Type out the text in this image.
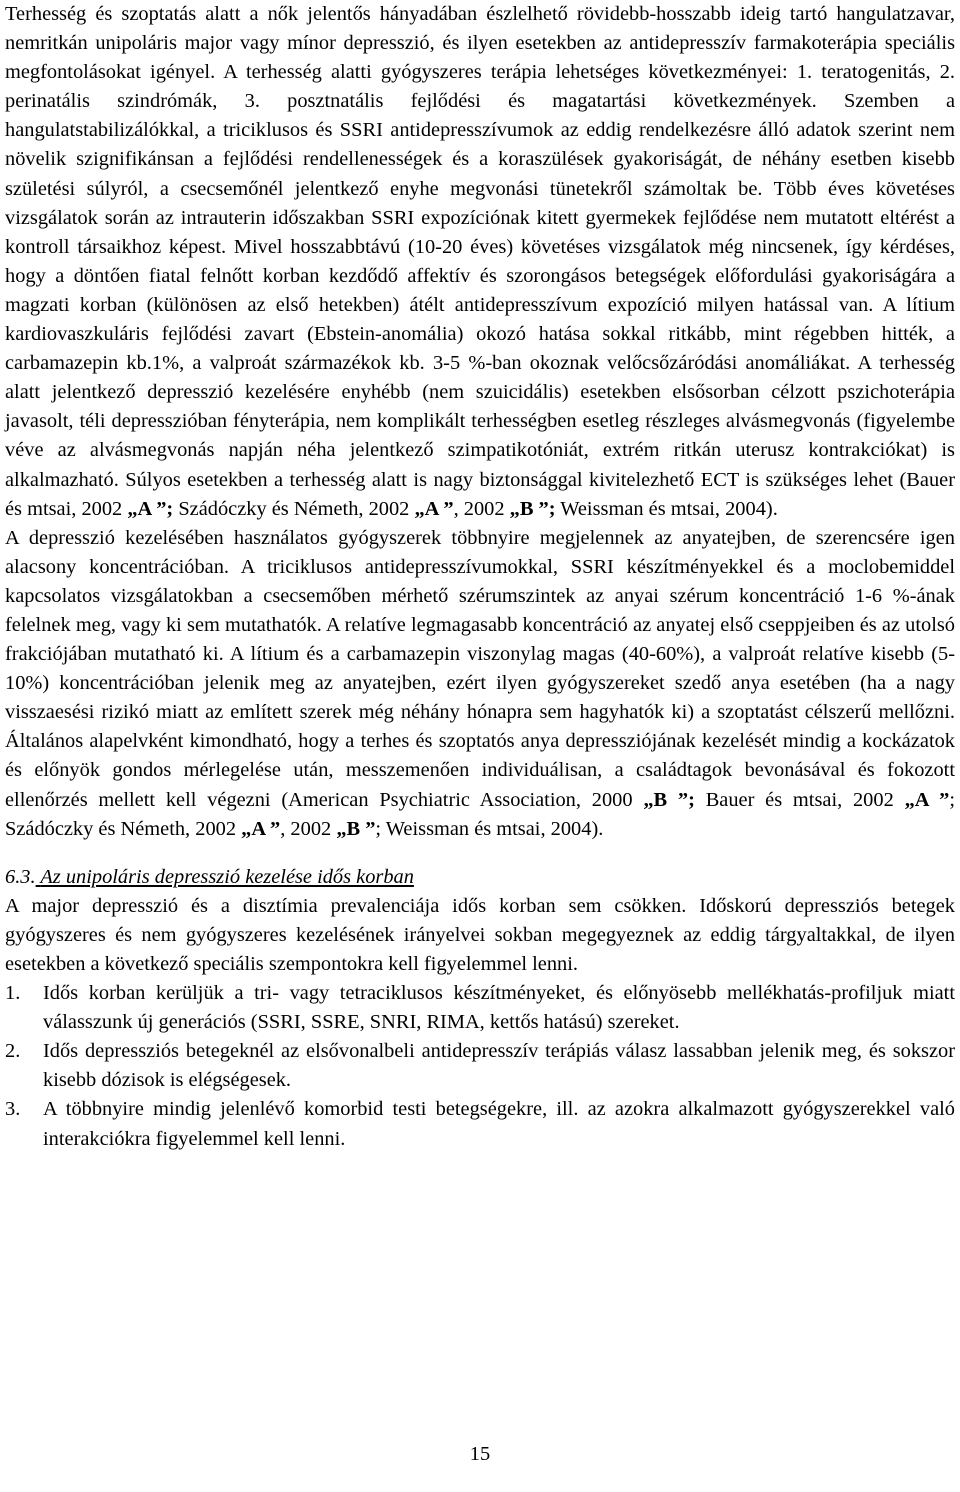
Terhesség és szoptatás alatt a nők jelentős hányadában észlelhető rövidebb-hosszabb ideig tartó hangulatzavar, nemritkán unipoláris major vagy mínor depresszió, és ilyen esetekben az antidepresszív farmakoterápia speciális megfontolásokat igényel. A terhesség alatti gyógyszeres terápia lehetséges következményei: 1. teratogenitás, 2. perinatális szindrómák, 3. posztnatális fejlődési és magatartási következmények. Szemben a hangulatstabilizálókkal, a triciklusos és SSRI antidepresszívumok az eddig rendelkezésre álló adatok szerint nem növelik szignifikánsan a fejlődési rendellenességek és a koraszülések gyakoriságát, de néhány esetben kisebb születési súlyról, a csecsemőnél jelentkező enyhe megvonási tünetekről számoltak be. Több éves követéses vizsgálatok során az intrauterin időszakban SSRI expozíciónak kitett gyermekek fejlődése nem mutatott eltérést a kontroll társaikhoz képest. Mivel hosszabbtávú (10-20 éves) követéses vizsgálatok még nincsenek, így kérdéses, hogy a döntően fiatal felnőtt korban kezdődő affektív és szorongásos betegségek előfordulási gyakoriságára a magzati korban (különösen az első hetekben) átélt antidepresszívum expozíció milyen hatással van. A lítium kardiovaszkuláris fejlődési zavart (Ebstein-anomália) okozó hatása sokkal ritkább, mint régebben hitték, a carbamazepin kb.1%, a valproát származékok kb. 3-5 %-ban okoznak velőcsőzáródási anomáliákat. A terhesség alatt jelentkező depresszió kezelésére enyhébb (nem szuicidális) esetekben elsősorban célzott pszichoterápia javasolt, téli depresszióban fényterápia, nem komplikált terhességben esetleg részleges alvásmegvonás (figyelembe véve az alvásmegvonás napján néha jelentkező szimpatikotóniát, extrém ritkán uterusz kontrakciókat) is alkalmazható. Súlyos esetekben a terhesség alatt is nagy biztonsággal kivitelezhető ECT is szükséges lehet (Bauer és mtsai, 2002 „A ”; Szádóczky és Németh, 2002 „A ”, 2002 „B ”; Weissman és mtsai, 2004).

A depresszió kezelésében használatos gyógyszerek többnyire megjelennek az anyatejben, de szerencsére igen alacsony koncentrációban. A triciklusos antidepresszívumokkal, SSRI készítményekkel és a moclobemiddel kapcsolatos vizsgálatokban a csecsemőben mérhető szérumszintek az anyai szérum koncentráció 1-6 %-ának felelnek meg, vagy ki sem mutathatók. A relatíve legmagasabb koncentráció az anyatej első cseppjeiben és az utolsó frakciójában mutatható ki. A lítium és a carbamazepin viszonylag magas (40-60%), a valproát relatíve kisebb (5-10%) koncentrációban jelenik meg az anyatejben, ezért ilyen gyógyszereket szedő anya esetében (ha a nagy visszaesési rizikó miatt az említett szerek még néhány hónapra sem hagyhatók ki) a szoptatást célszerű mellőzni. Általános alapelvként kimondható, hogy a terhes és szoptatós anya depressziójának kezelését mindig a kockázatok és előnyök gondos mérlegelése után, messzemenően individuálisan, a családtagok bevonásával és fokozott ellenőrzés mellett kell végezni (American Psychiatric Association, 2000 „B ”; Bauer és mtsai, 2002 „A ”; Szádóczky és Németh, 2002 „A ”, 2002 „B ”; Weissman és mtsai, 2004).

6.3. Az unipoláris depresszió kezelése idős korban

A major depresszió és a disztímia prevalenciája idős korban sem csökken. Időskorú depressziós betegek gyógyszeres és nem gyógyszeres kezelésének irányelvei sokban megegyeznek az eddig tárgyaltakkal, de ilyen esetekben a következő speciális szempontokra kell figyelemmel lenni.

1. Idős korban kerüljük a tri- vagy tetraciklusos készítményeket, és előnyösebb mellékhatás-profiljuk miatt válasszunk új generációs (SSRI, SSRE, SNRI, RIMA, kettős hatású) szereket.
2. Idős depressziós betegeknél az elsővonalbeli antidepresszív terápiás válasz lassabban jelenik meg, és sokszor kisebb dózisok is elégségesek.
3. A többnyire mindig jelenlévő komorbid testi betegségekre, ill. az azokra alkalmazott gyógyszerekkel való interakciókra figyelemmel kell lenni.
15
